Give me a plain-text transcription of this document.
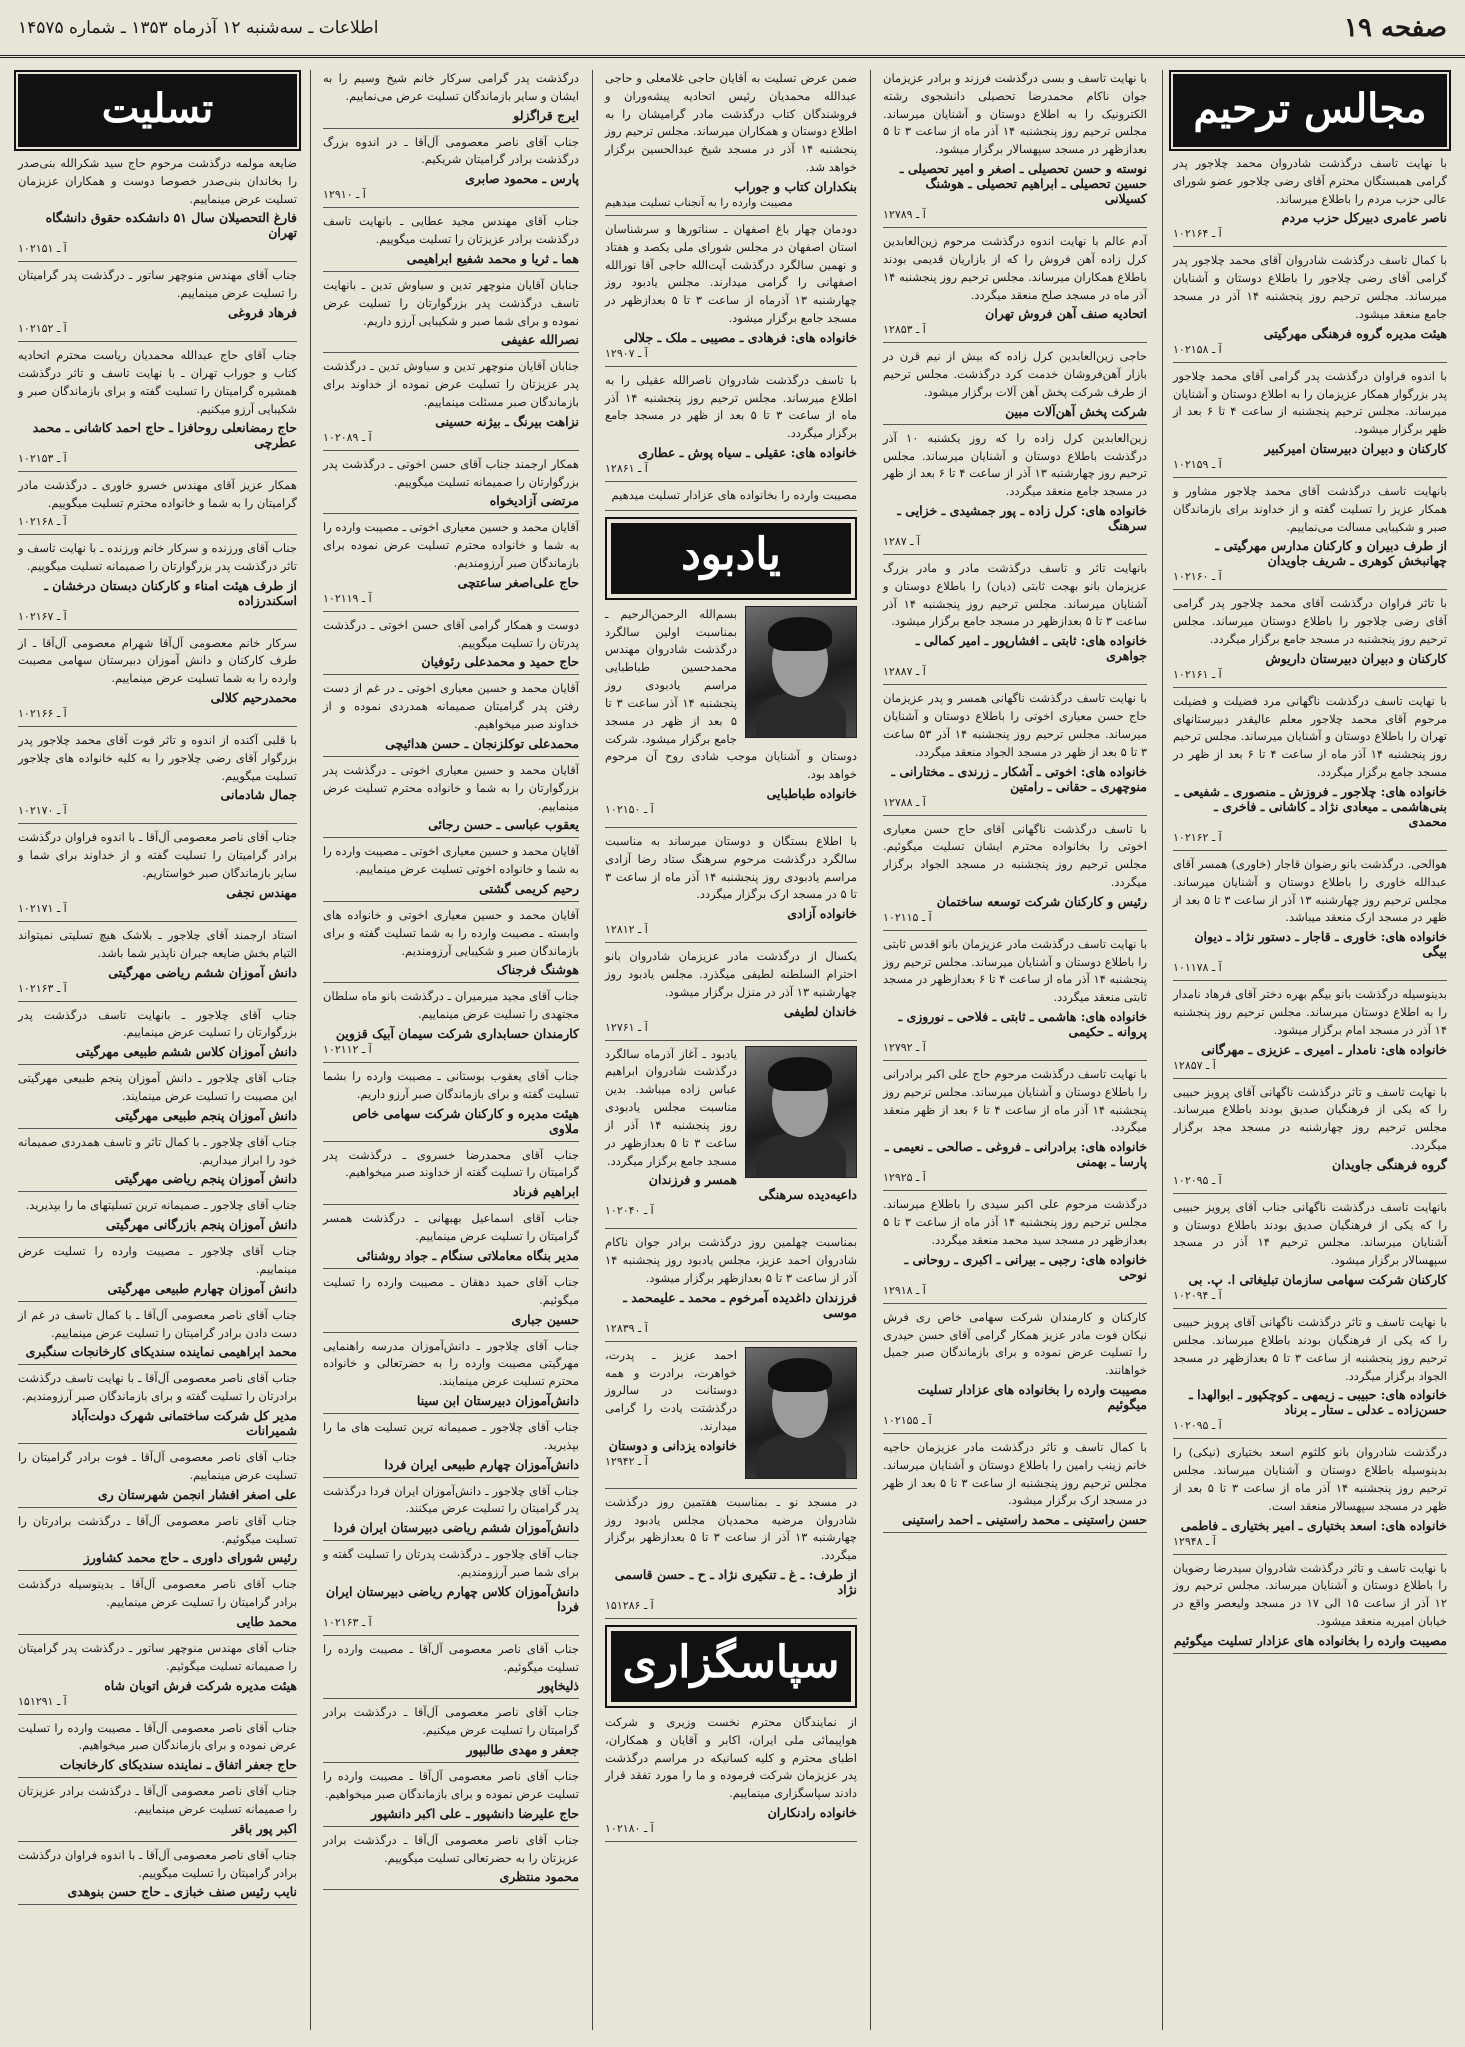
صفحه ۱۹
اطلاعات ـ سه‌شنبه ۱۲ آذرماه ۱۳۵۳ ـ شماره ۱۴۵۷۵
مجالس ترحیم
با نهایت تاسف درگذشت شادروان محمد چلاجور پدر گرامی همبستگان محترم آقای رضی چلاجور عضو شورای عالی حزب مردم را باطلاع میرساند.
ناصر عامری دبیرکل حزب مردم
آ ـ ۱۰۲۱۶۴
با کمال تاسف درگذشت شادروان آقای محمد چلاجور پدر گرامی آقای رضی چلاجور را باطلاع دوستان و آشنایان میرساند. مجلس ترحیم روز پنجشنبه ۱۴ آذر در مسجد جامع منعقد میشود.
هیئت مدیره گروه فرهنگی مهرگیتی
آ ـ ۱۰۲۱۵۸
با اندوه فراوان درگذشت پدر گرامی آقای محمد چلاجور پدر بزرگوار همکار عزیزمان را به اطلاع دوستان و آشنایان میرساند. مجلس ترحیم پنجشنبه از ساعت ۴ تا ۶ بعد از ظهر برگزار میشود.
کارکنان و دبیران دبیرستان امیرکبیر
آ ـ ۱۰۲۱۵۹
بانهایت تاسف درگذشت آقای محمد چلاجور مشاور و همکار عزیز را تسلیت گفته و از خداوند برای بازماندگان صبر و شکیبایی مسالت می‌نماییم.
از طرف دبیران و کارکنان مدارس مهرگیتی ـ چهانبخش کوهری ـ شریف جاویدان
آ ـ ۱۰۲۱۶۰
با تاثر فراوان درگذشت آقای محمد چلاجور پدر گرامی آقای رضی چلاجور را باطلاع دوستان میرساند. مجلس ترحیم روز پنجشنبه در مسجد جامع برگزار میگردد.
کارکنان و دبیران دبیرستان داریوش
آ ـ ۱۰۲۱۶۱
با نهایت تاسف درگذشت ناگهانی مرد فضیلت و فضیلت مرحوم آقای محمد چلاجور معلم عالیقدر دبیرستانهای تهران را باطلاع دوستان و آشنایان میرساند. مجلس ترحیم روز پنجشنبه ۱۴ آذر ماه از ساعت ۴ تا ۶ بعد از ظهر در مسجد جامع برگزار میگردد.
خانواده های: چلاجور ـ فروزش ـ منصوری ـ شفیعی ـ بنی‌هاشمی ـ میعادی نژاد ـ کاشانی ـ فاخری ـ محمدی
آ ـ ۱۰۲۱۶۲
هوالحی. درگذشت بانو رضوان قاجار (خاوری) همسر آقای عبدالله خاوری را باطلاع دوستان و آشنایان میرساند. مجلس ترحیم روز چهارشنبه ۱۳ آذر از ساعت ۳ تا ۵ بعد از ظهر در مسجد ارک منعقد میباشد.
خانواده های: خاوری ـ قاجار ـ دستور نژاد ـ دیوان بیگی
آ ـ ۱۰۱۱۷۸
بدینوسیله درگذشت بانو بیگم بهره دختر آقای فرهاد نامدار را به اطلاع دوستان میرساند. مجلس ترحیم روز پنجشنبه ۱۴ آذر در مسجد امام برگزار میشود.
خانواده های: نامدار ـ امیری ـ عزیزی ـ مهرگانی
آ ـ ۱۲۸۵۷
با نهایت تاسف و تاثر درگذشت ناگهانی آقای پرویز حبیبی را که یکی از فرهنگیان صدیق بودند باطلاع میرساند. مجلس ترحیم روز چهارشنبه در مسجد مجد برگزار میگردد.
گروه فرهنگی جاویدان
آ ـ ۱۰۲۰۹۵
بانهایت تاسف درگذشت ناگهانی جناب آقای پرویز حبیبی را که یکی از فرهنگیان صدیق بودند باطلاع دوستان و آشنایان میرساند. مجلس ترحیم ۱۴ آذر در مسجد سپهسالار برگزار میشود.
کارکنان شرکت سهامی سازمان تبلیغاتی ا. پ. بی
آ ـ ۱۰۲۰۹۴
با نهایت تاسف و تاثر درگذشت ناگهانی آقای پرویز حبیبی را که یکی از فرهنگیان بودند باطلاع میرساند. مجلس ترحیم روز پنجشنبه از ساعت ۳ تا ۵ بعدازظهر در مسجد الجواد برگزار میگردد.
خانواده های: حبیبی ـ زیمهی ـ کوچکپور ـ ابوالهدا ـ حسن‌زاده ـ عدلی ـ ستار ـ برناد
آ ـ ۱۰۲۰۹۵
درگذشت شادروان بانو کلثوم اسعد بختیاری (نیکی) را بدینوسیله باطلاع دوستان و آشنایان میرساند. مجلس ترحیم روز پنجشنبه ۱۴ آذر ماه از ساعت ۳ تا ۵ بعد از ظهر در مسجد سپهسالار منعقد است.
خانواده های: اسعد بختیاری ـ امیر بختیاری ـ فاطمی
آ ـ ۱۲۹۴۸
با نهایت تاسف و تاثر درگذشت شادروان سیدرضا رضویان را باطلاع دوستان و آشنایان میرساند. مجلس ترحیم روز ۱۲ آذر از ساعت ۱۵ الی ۱۷ در مسجد ولیعصر واقع در خیابان امیریه منعقد میشود.
مصیبت وارده را بخانواده های عزادار تسلیت میگوئیم
با نهایت تاسف و بسی درگذشت فرزند و برادر عزیزمان جوان ناکام محمدرضا تحصیلی دانشجوی رشته الکترونیک را به اطلاع دوستان و آشنایان میرساند. مجلس ترحیم روز پنجشنبه ۱۴ آذر ماه از ساعت ۳ تا ۵ بعدازظهر در مسجد سپهسالار برگزار میشود.
نوسته و حسن تحصیلی ـ اصغر و امیر تحصیلی ـ حسین تحصیلی ـ ابراهیم تحصیلی ـ هوشنگ کسیلانی
آ ـ ۱۲۷۸۹
آدم عالم با نهایت اندوه درگذشت مرحوم زین‌العابدین کرل زاده آهن فروش را که از بازاریان قدیمی بودند باطلاع همکاران میرساند. مجلس ترحیم روز پنجشنبه ۱۴ آذر ماه در مسجد صلح منعقد میگردد.
اتحادیه صنف آهن فروش تهران
آ ـ ۱۲۸۵۳
حاجی زین‌العابدین کرل زاده که بیش از نیم قرن در بازار آهن‌فروشان خدمت کرد درگذشت. مجلس ترحیم از طرف شرکت پخش آهن آلات برگزار میشود.
شرکت پخش آهن‌آلات مبین
زین‌العابدین کرل زاده را که روز یکشنبه ۱۰ آذر درگذشت باطلاع دوستان و آشنایان میرساند. مجلس ترحیم روز چهارشنبه ۱۳ آذر از ساعت ۴ تا ۶ بعد از ظهر در مسجد جامع منعقد میگردد.
خانواده های: کرل زاده ـ پور جمشیدی ـ خزایی ـ سرهنگ
آ ـ ۱۲۸۷
بانهایت تاثر و تاسف درگذشت مادر و مادر بزرگ عزیزمان بانو بهجت ثابتی (دیان) را باطلاع دوستان و آشنایان میرساند. مجلس ترحیم روز پنجشنبه ۱۴ آذر ساعت ۳ تا ۵ بعدازظهر در مسجد جامع برگزار میشود.
خانواده های: ثابتی ـ افشارپور ـ امیر کمالی ـ جواهری
آ ـ ۱۲۸۸۷
با نهایت تاسف درگذشت ناگهانی همسر و پدر عزیزمان حاج حسن معیاری اخوتی را باطلاع دوستان و آشنایان میرساند. مجلس ترحیم روز پنجشنبه ۱۴ آذر ۵۳ ساعت ۳ تا ۵ بعد از ظهر در مسجد الجواد منعقد میگردد.
خانواده های: اخوتی ـ آشکار ـ زرندی ـ مختارانی ـ منوچهری ـ حقانی ـ رامتین
آ ـ ۱۲۷۸۸
با تاسف درگذشت ناگهانی آقای حاج حسن معیاری اخوتی را بخانواده محترم ایشان تسلیت میگوئیم. مجلس ترحیم روز پنجشنبه در مسجد الجواد برگزار میگردد.
رئیس و کارکنان شرکت توسعه ساختمان
آ ـ ۱۰۲۱۱۵
با نهایت تاسف درگذشت مادر عزیزمان بانو اقدس ثابتی را باطلاع دوستان و آشنایان میرساند. مجلس ترحیم روز پنجشنبه ۱۴ آذر ماه از ساعت ۴ تا ۶ بعدازظهر در مسجد ثابتی منعقد میگردد.
خانواده های: هاشمی ـ ثابتی ـ فلاحی ـ نوروزی ـ پروانه ـ حکیمی
آ ـ ۱۲۷۹۲
با نهایت تاسف درگذشت مرحوم حاج علی اکبر برادرانی را باطلاع دوستان و آشنایان میرساند. مجلس ترحیم روز پنجشنبه ۱۴ آذر ماه از ساعت ۴ تا ۶ بعد از ظهر منعقد میگردد.
خانواده های: برادرانی ـ فروغی ـ صالحی ـ نعیمی ـ پارسا ـ بهمنی
آ ـ ۱۲۹۲۵
درگذشت مرحوم علی اکبر سیدی را باطلاع میرساند. مجلس ترحیم روز پنجشنبه ۱۴ آذر ماه از ساعت ۳ تا ۵ بعدازظهر در مسجد سید محمد منعقد میگردد.
خانواده های: رجبی ـ بیرانی ـ اکبری ـ روحانی ـ نوحی
آ ـ ۱۲۹۱۸
کارکنان و کارمندان شرکت سهامی خاص ری فرش نیکان فوت مادر عزیز همکار گرامی آقای حسن حیدری را تسلیت عرض نموده و برای بازماندگان صبر جمیل خواهانند.
مصیبت وارده را بخانواده های عزادار تسلیت میگوئیم
آ ـ ۱۰۲۱۵۵
با کمال تاسف و تاثر درگذشت مادر عزیزمان حاجیه خانم زینب رامین را باطلاع دوستان و آشنایان میرساند. مجلس ترحیم روز پنجشنبه از ساعت ۳ تا ۵ بعد از ظهر در مسجد ارک برگزار میشود.
حسن راستینی ـ محمد راستینی ـ احمد راستینی
ضمن عرض تسلیت به آقایان حاجی غلامعلی و حاجی عبدالله محمدیان رئیس اتحادیه پیشه‌وران و فروشندگان کتاب درگذشت مادر گرامیشان را به اطلاع دوستان و همکاران میرساند. مجلس ترحیم روز پنجشنبه ۱۴ آذر در مسجد شیخ عبدالحسین برگزار خواهد شد.
بنکداران کتاب و جوراب
مصیبت وارده را به آنجناب تسلیت میدهیم
دودمان چهار باغ اصفهان ـ سناتورها و سرشناسان استان اصفهان در مجلس شورای ملی یکصد و هفتاد و نهمین سالگرد درگذشت آیت‌الله حاجی آقا نورالله اصفهانی را گرامی میدارند. مجلس یادبود روز چهارشنبه ۱۳ آذرماه از ساعت ۳ تا ۵ بعدازظهر در مسجد جامع برگزار میشود.
خانواده های: فرهادی ـ مصیبی ـ ملک ـ جلالی
آ ـ ۱۲۹۰۷
با تاسف درگذشت شادروان ناصرالله عقیلی را به اطلاع میرساند. مجلس ترحیم روز پنجشنبه ۱۴ آذر ماه از ساعت ۳ تا ۵ بعد از ظهر در مسجد جامع برگزار میگردد.
خانواده های: عقیلی ـ سیاه پوش ـ عطاری
آ ـ ۱۲۸۶۱
مصیبت وارده را بخانواده های عزادار تسلیت میدهیم
یادبود
بسم‌الله الرحمن‌الرحیم ـ بمناسبت اولین سالگرد درگذشت شادروان مهندس محمدحسین طباطبایی مراسم یادبودی روز پنجشنبه ۱۴ آذر ساعت ۳ تا ۵ بعد از ظهر در مسجد جامع برگزار میشود. شرکت دوستان و آشنایان موجب شادی روح آن مرحوم خواهد بود.
خانواده طباطبایی
آ ـ ۱۰۲۱۵۰
با اطلاع بستگان و دوستان میرساند به مناسبت سالگرد درگذشت مرحوم سرهنگ ستاد رضا آزادی مراسم یادبودی روز پنجشنبه ۱۴ آذر ماه از ساعت ۳ تا ۵ در مسجد ارک برگزار میگردد.
خانواده آزادی
آ ـ ۱۲۸۱۲
یکسال از درگذشت مادر عزیزمان شادروان بانو احترام السلطنه لطیفی میگذرد. مجلس یادبود روز چهارشنبه ۱۳ آذر در منزل برگزار میشود.
خاندان لطیفی
آ ـ ۱۲۷۶۱
یادبود ـ آغاز آذرماه سالگرد درگذشت شادروان ابراهیم عباس زاده میباشد. بدین مناسبت مجلس یادبودی روز پنجشنبه ۱۴ آذر از ساعت ۳ تا ۵ بعدازظهر در مسجد جامع برگزار میگردد.
همسر و فرزندان داعیه‌دیده سرهنگی
آ ـ ۱۰۲۰۴۰
بمناسبت چهلمین روز درگذشت برادر جوان ناکام شادروان احمد عزیز، مجلس یادبود روز پنجشنبه ۱۴ آذر از ساعت ۳ تا ۵ بعدازظهر برگزار میشود.
فرزندان داغدیده آمرخوم ـ محمد ـ علیمحمد ـ موسی
آ ـ ۱۲۸۳۹
احمد عزیز ـ پدرت، خواهرت، برادرت و همه دوستانت در سالروز درگذشتت یادت را گرامی میدارند.
خانواده یزدانی و دوستان
آ ـ ۱۲۹۴۲
در مسجد نو ـ بمناسبت هفتمین روز درگذشت شادروان مرضیه محمدیان مجلس یادبود روز چهارشنبه ۱۳ آذر از ساعت ۳ تا ۵ بعدازظهر برگزار میگردد.
از طرف: ـ غ ـ تنکیری نژاد ـ ح ـ حسن قاسمی نژاد
آ ـ ۱۵۱۲۸۶
سپاسگزاری
از نمایندگان محترم نخست وزیری و شرکت هواپیمائی ملی ایران، اکابر و آقایان و همکاران، اطبای محترم و کلیه کسانیکه در مراسم درگذشت پدر عزیزمان شرکت فرموده و ما را مورد تفقد قرار دادند سپاسگزاری مینماییم.
خانواده رادنکاران
آ ـ ۱۰۲۱۸۰
درگذشت پدر گرامی سرکار خانم شیخ وسیم را به ایشان و سایر بازماندگان تسلیت عرض می‌نماییم.
ایرج قراگزلو
جناب آقای ناصر معصومی آل‌آقا ـ در اندوه بزرگ درگذشت برادر گرامیتان شریکیم.
پارس ـ محمود صابری
آ ـ ۱۲۹۱۰
جناب آقای مهندس مجید عطایی ـ بانهایت تاسف درگذشت برادر عزیزتان را تسلیت میگوییم.
هما ـ ثریا و محمد شفیع ابراهیمی
جنابان آقایان منوچهر تدین و سیاوش تدین ـ بانهایت تاسف درگذشت پدر بزرگوارتان را تسلیت عرض نموده و برای شما صبر و شکیبایی آرزو داریم.
نصرالله عفیفی
جنابان آقایان منوچهر تدین و سیاوش تدین ـ درگذشت پدر عزیزتان را تسلیت عرض نموده از خداوند برای بازماندگان صبر مسئلت مینماییم.
نزاهت بیرنگ ـ بیژنه حسینی
آ ـ ۱۰۲۰۸۹
همکار ارجمند جناب آقای حسن اخوتی ـ درگذشت پدر بزرگوارتان را صمیمانه تسلیت میگوییم.
مرتضی آزادیخواه
آقایان محمد و حسین معیاری اخوتی ـ مصیبت وارده را به شما و خانواده محترم تسلیت عرض نموده برای بازماندگان صبر آرزومندیم.
حاج علی‌اصغر ساعتچی
آ ـ ۱۰۲۱۱۹
دوست و همکار گرامی آقای حسن اخوتی ـ درگذشت پدرتان را تسلیت میگوییم.
حاج حمید و محمدعلی رئوفیان
آقایان محمد و حسین معیاری اخوتی ـ در غم از دست رفتن پدر گرامیتان صمیمانه همدردی نموده و از خداوند صبر میخواهیم.
محمدعلی توکلزنجان ـ حسن هدائیچی
آقایان محمد و حسین معیاری اخوتی ـ درگذشت پدر بزرگوارتان را به شما و خانواده محترم تسلیت عرض مینماییم.
یعقوب عباسی ـ حسن رجائی
آقایان محمد و حسین معیاری اخوتی ـ مصیبت وارده را به شما و خانواده اخوتی تسلیت عرض مینماییم.
رحیم کریمی گشتی
آقایان محمد و حسین معیاری اخوتی و خانواده های وابسته ـ مصیبت وارده را به شما تسلیت گفته و برای بازماندگان صبر و شکیبایی آرزومندیم.
هوشنگ فرجناک
جناب آقای مجید میرمیران ـ درگذشت بانو ماه سلطان مجتهدی را تسلیت عرض مینماییم.
کارمندان حسابداری شرکت سیمان آبیک قزوین
آ ـ ۱۰۲۱۱۲
جناب آقای یعقوب بوستانی ـ مصیبت وارده را بشما تسلیت گفته و برای بازماندگان صبر آرزو داریم.
هیئت مدیره و کارکنان شرکت سهامی خاص ملاوی
جناب آقای محمدرضا خسروی ـ درگذشت پدر گرامیتان را تسلیت گفته از خداوند صبر میخواهیم.
ابراهیم فرناد
جناب آقای اسماعیل بهبهانی ـ درگذشت همسر گرامیتان را تسلیت عرض مینماییم.
مدیر بنگاه معاملاتی سنگام ـ جواد روشنائی
جناب آقای حمید دهقان ـ مصیبت وارده را تسلیت میگوئیم.
حسین جباری
جناب آقای چلاجور ـ دانش‌آموزان مدرسه راهنمایی مهرگیتی مصیبت وارده را به حضرتعالی و خانواده محترم تسلیت عرض مینمایند.
دانش‌آموزان دبیرستان ابن سینا
جناب آقای چلاجور ـ صمیمانه ترین تسلیت های ما را بپذیرید.
دانش‌آموزان چهارم طبیعی ایران فردا
جناب آقای چلاجور ـ دانش‌آموزان ایران فردا درگذشت پدر گرامیتان را تسلیت عرض میکنند.
دانش‌آموزان ششم ریاضی دبیرستان ایران فردا
جناب آقای چلاجور ـ درگذشت پدرتان را تسلیت گفته و برای شما صبر آرزومندیم.
دانش‌آموزان کلاس چهارم ریاضی دبیرستان ایران فردا
آ ـ ۱۰۲۱۶۳
جناب آقای ناصر معصومی آل‌آقا ـ مصیبت وارده را تسلیت میگوئیم.
ذلیخاپور
جناب آقای ناصر معصومی آل‌آقا ـ درگذشت برادر گرامیتان را تسلیت عرض میکنیم.
جعفر و مهدی طالبپور
جناب آقای ناصر معصومی آل‌آقا ـ مصیبت وارده را تسلیت عرض نموده و برای بازماندگان صبر میخواهیم.
حاج علیرضا دانشپور ـ علی اکبر دانشپور
جناب آقای ناصر معصومی آل‌آقا ـ درگذشت برادر عزیزتان را به حضرتعالی تسلیت میگوییم.
محمود منتظری
تسلیت
ضایعه مولمه درگذشت مرحوم حاج سید شکرالله بنی‌صدر را بخاندان بنی‌صدر خصوصا دوست و همکاران عزیزمان تسلیت عرض مینماییم.
فارغ التحصیلان سال ۵۱ دانشکده حقوق دانشگاه تهران
آ ـ ۱۰۲۱۵۱
جناب آقای مهندس منوچهر ساتور ـ درگذشت پدر گرامیتان را تسلیت عرض مینماییم.
فرهاد فروغی
آ ـ ۱۰۲۱۵۲
جناب آقای حاج عبدالله محمدیان ریاست محترم اتحادیه کتاب و جوراب تهران ـ با نهایت تاسف و تاثر درگذشت همشیره گرامیتان را تسلیت گفته و برای بازماندگان صبر و شکیبایی آرزو میکنیم.
حاج رمضانعلی روحافزا ـ حاج احمد کاشانی ـ محمد عطرچی
آ ـ ۱۰۲۱۵۳
همکار عزیز آقای مهندس خسرو خاوری ـ درگذشت مادر گرامیتان را به شما و خانواده محترم تسلیت میگوییم.
آ ـ ۱۰۲۱۶۸
جناب آقای ورزنده و سرکار خانم ورزنده ـ با نهایت تاسف و تاثر درگذشت پدر بزرگوارتان را صمیمانه تسلیت میگوییم.
از طرف هیئت امناء و کارکنان دبستان درخشان ـ اسکندرزاده
آ ـ ۱۰۲۱۶۷
سرکار خانم معصومی آل‌آقا شهرام معصومی آل‌آقا ـ از طرف کارکنان و دانش آموزان دبیرستان سهامی مصیبت وارده را به شما تسلیت عرض مینماییم.
محمدرحیم کلالی
آ ـ ۱۰۲۱۶۶
با قلبی آکنده از اندوه و تاثر فوت آقای محمد چلاجور پدر بزرگوار آقای رضی چلاجور را به کلیه خانواده های چلاجور تسلیت میگوییم.
جمال شادمانی
آ ـ ۱۰۲۱۷۰
جناب آقای ناصر معصومی آل‌آقا ـ با اندوه فراوان درگذشت برادر گرامیتان را تسلیت گفته و از خداوند برای شما و سایر بازماندگان صبر خواستاریم.
مهندس نجفی
آ ـ ۱۰۲۱۷۱
استاد ارجمند آقای چلاجور ـ بلاشک هیچ تسلیتی نمیتواند التیام بخش ضایعه جبران ناپذیر شما باشد.
دانش آموزان ششم ریاضی مهرگیتی
آ ـ ۱۰۲۱۶۳
جناب آقای چلاجور ـ بانهایت تاسف درگذشت پدر بزرگوارتان را تسلیت عرض مینماییم.
دانش آموزان کلاس ششم طبیعی مهرگیتی
جناب آقای چلاجور ـ دانش آموزان پنجم طبیعی مهرگیتی این مصیبت را تسلیت عرض مینمایند.
دانش آموزان پنجم طبیعی مهرگیتی
جناب آقای چلاجور ـ با کمال تاثر و تاسف همدردی صمیمانه خود را ابراز میداریم.
دانش آموزان پنجم ریاضی مهرگیتی
جناب آقای چلاجور ـ صمیمانه ترین تسلیتهای ما را بپذیرید.
دانش آموزان پنجم بازرگانی مهرگیتی
جناب آقای چلاجور ـ مصیبت وارده را تسلیت عرض مینماییم.
دانش آموزان چهارم طبیعی مهرگیتی
جناب آقای ناصر معصومی آل‌آقا ـ با کمال تاسف در غم از دست دادن برادر گرامیتان را تسلیت عرض مینماییم.
محمد ابراهیمی نماینده سندیکای کارخانجات سنگبری
جناب آقای ناصر معصومی آل‌آقا ـ با نهایت تاسف درگذشت برادرتان را تسلیت گفته و برای بازماندگان صبر آرزومندیم.
مدیر کل شرکت ساختمانی شهرک دولت‌آباد شمیرانات
جناب آقای ناصر معصومی آل‌آقا ـ فوت برادر گرامیتان را تسلیت عرض مینماییم.
علی اصغر افشار انجمن شهرستان ری
جناب آقای ناصر معصومی آل‌آقا ـ درگذشت برادرتان را تسلیت میگوئیم.
رئیس شورای داوری ـ حاج محمد کشاورز
جناب آقای ناصر معصومی آل‌آقا ـ بدینوسیله درگذشت برادر گرامیتان را تسلیت عرض مینماییم.
محمد طایی
جناب آقای مهندس منوچهر ساتور ـ درگذشت پدر گرامیتان را صمیمانه تسلیت میگوئیم.
هیئت مدیره شرکت فرش اتوبان شاه
آ ـ ۱۵۱۲۹۱
جناب آقای ناصر معصومی آل‌آقا ـ مصیبت وارده را تسلیت عرض نموده و برای بازماندگان صبر میخواهیم.
حاج جعفر اتفاق ـ نماینده سندیکای کارخانجات
جناب آقای ناصر معصومی آل‌آقا ـ درگذشت برادر عزیزتان را صمیمانه تسلیت عرض مینماییم.
اکبر پور باقر
جناب آقای ناصر معصومی آل‌آقا ـ با اندوه فراوان درگذشت برادر گرامیتان را تسلیت میگوییم.
نایب رئیس صنف خبازی ـ حاج حسن بنوهدی
